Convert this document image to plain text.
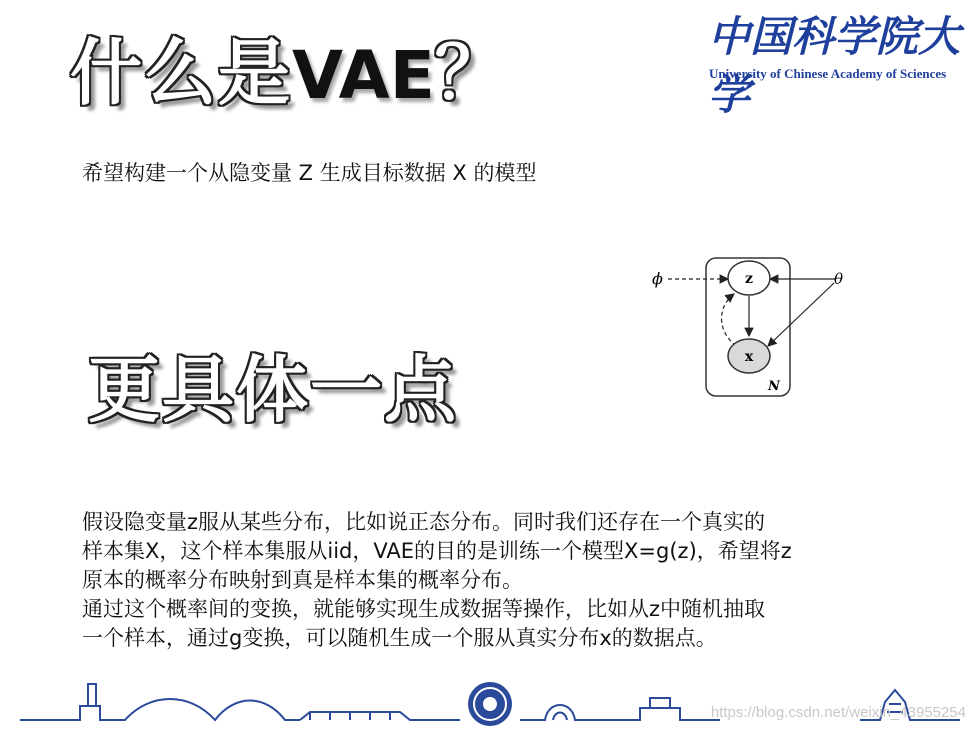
什么是VAE？	中国科学院大学
University of Chinese Academy of Sciences
希望构建一个从隐变量 Z 生成目标数据 X 的模型
z
x
N
ϕ	θ
更具体一点
假设隐变量z服从某些分布，比如说正态分布。同时我们还存在一个真实的
样本集X，这个样本集服从iid，VAE的目的是训练一个模型X=g(z)，希望将z
原本的概率分布映射到真是样本集的概率分布。
通过这个概率间的变换，就能够实现生成数据等操作，比如从z中随机抽取
一个样本，通过g变换，可以随机生成一个服从真实分布x的数据点。
https://blog.csdn.net/weixin_43955254
